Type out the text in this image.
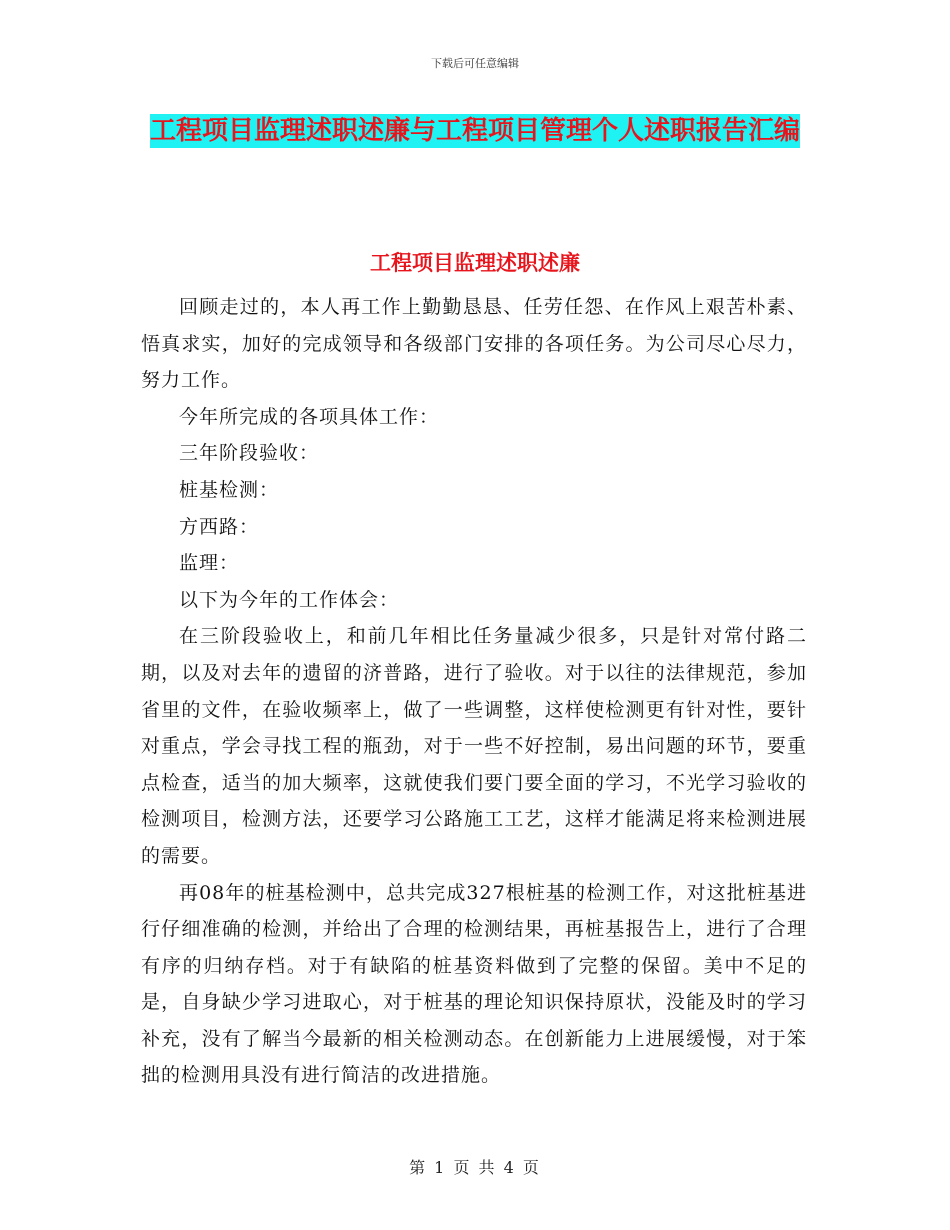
下载后可任意编辑
工程项目监理述职述廉与工程项目管理个人述职报告汇编
工程项目监理述职述廉

回顾走过的，本人再工作上勤勤恳恳、任劳任怨、在作风上艰苦朴素、悟真求实，加好的完成领导和各级部门安排的各项任务。为公司尽心尽力，努力工作。

今年所完成的各项具体工作：

三年阶段验收：

桩基检测：

方西路：

监理：

以下为今年的工作体会：

在三阶段验收上，和前几年相比任务量减少很多，只是针对常付路二期，以及对去年的遗留的济普路，进行了验收。对于以往的法律规范，参加省里的文件，在验收频率上，做了一些调整，这样使检测更有针对性，要针对重点，学会寻找工程的瓶劲，对于一些不好控制，易出问题的环节，要重点检查，适当的加大频率，这就使我们要门要全面的学习，不光学习验收的检测项目，检测方法，还要学习公路施工工艺，这样才能满足将来检测进展的需要。

再08年的桩基检测中，总共完成327根桩基的检测工作，对这批桩基进行仔细准确的检测，并给出了合理的检测结果，再桩基报告上，进行了合理有序的归纳存档。对于有缺陷的桩基资料做到了完整的保留。美中不足的是，自身缺少学习进取心，对于桩基的理论知识保持原状，没能及时的学习补充，没有了解当今最新的相关检测动态。在创新能力上进展缓慢，对于笨拙的检测用具没有进行简洁的改进措施。

第 1 页 共 4 页
